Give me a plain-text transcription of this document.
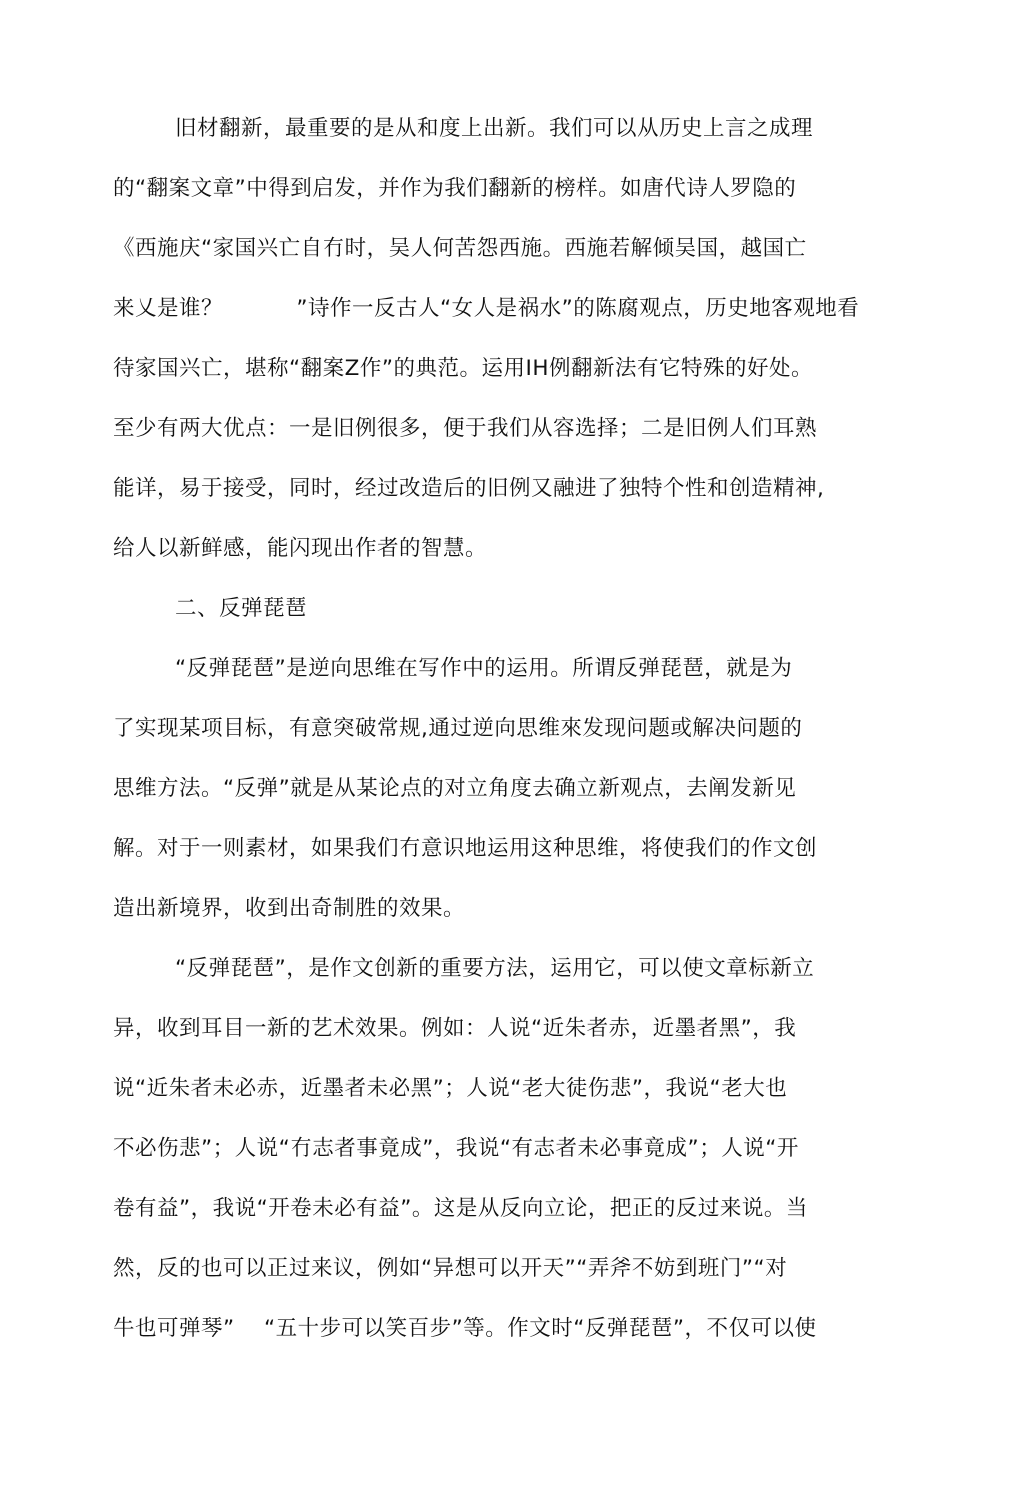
旧材翻新，最重要的是从和度上出新。我们可以从历史上言之成理
的“翻案文章”中得到启发，并作为我们翻新的榜样。如唐代诗人罗隐的
《西施庆“家国兴亡自冇时，吴人何苦怨西施。西施若解倾吴国，越国亡
来乂是谁？          ”诗作一反古人“女人是祸水”的陈腐观点，历史地客观地看
待家国兴亡，堪称“翻案Z作”的典范。运用IH例翻新法有它特殊的好处。
至少有两大优点：一是旧例很多，便于我们从容选择；二是旧例人们耳熟
能详，易于接受，同时，经过改造后的旧例又融进了独特个性和创造精神,
给人以新鲜感，能闪现出作者的智慧。
二、反弹琵琶
“反弹琵琶”是逆向思维在写作中的运用。所谓反弹琵琶，就是为
了实现某项目标，有意突破常规,通过逆向思维來发现问题或解决问题的
思维方法。“反弹”就是从某论点的对立角度去确立新观点，去阐发新见
解。对于一则素材，如果我们冇意识地运用这种思维，将使我们的作文创
造出新境界，收到出奇制胜的效果。
“反弹琵琶”，是作文创新的重要方法，运用它，可以使文章标新立
异，收到耳目一新的艺术效果。例如：人说“近朱者赤，近墨者黑”，我
说“近朱者未必赤，近墨者未必黑”；人说“老大徒伤悲”，我说“老大也
不必伤悲”；人说“冇志者事竟成”，我说“有志者未必事竟成”；人说“开
卷有益”，我说“开卷未必有益”。这是从反向立论，把正的反过来说。当
然，反的也可以正过来议，例如“异想可以开天”“弄斧不妨到班门”“对
牛也可弹琴”    “五十步可以笑百步”等。作文时“反弹琵琶”，不仅可以使
